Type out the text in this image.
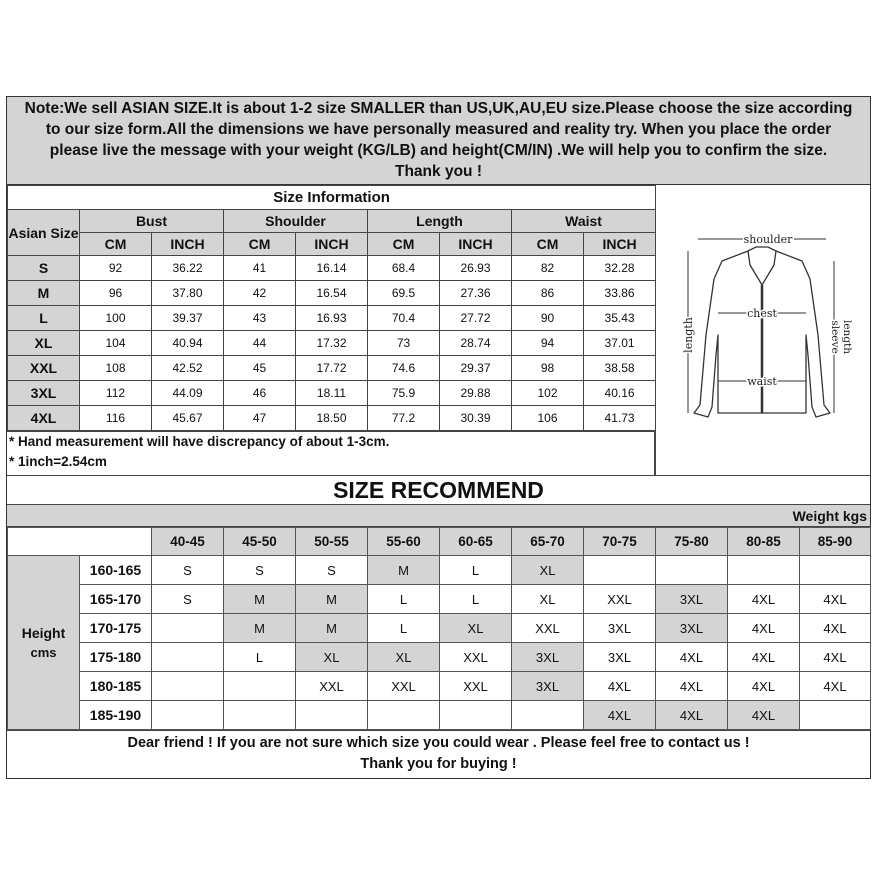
Note:We sell ASIAN SIZE.It is about 1-2 size SMALLER than US,UK,AU,EU size.Please choose the size according
to our size form.All the dimensions we have personally measured and reality try. When you place the order
please live the message with your weight (KG/LB) and height(CM/IN) .We will help you to confirm the size.
Thank you !
Size Information								
Asian Size	Bust		Shoulder		Length		Waist	
	CM	INCH	CM	INCH	CM	INCH	CM	INCH
S	92	36.22	41	16.14	68.4	26.93	82	32.28
M	96	37.80	42	16.54	69.5	27.36	86	33.86
L	100	39.37	43	16.93	70.4	27.72	90	35.43
XL	104	40.94	44	17.32	73	28.74	94	37.01
XXL	108	42.52	45	17.72	74.6	29.37	98	38.58
3XL	112	44.09	46	18.11	75.9	29.88	102	40.16
4XL	116	45.67	47	18.50	77.2	30.39	106	41.73
* Hand measurement will have discrepancy of about 1-3cm.
* 1inch=2.54cm
shoulder
chest
waist
length	sleeve length
SIZE RECOMMEND
Weight kgs
		40-45	45-50	50-55	55-60	60-65	65-70	70-75	75-80	80-85	85-90

Height
cms	160-165	S	S	S	M	L	XL				
	165-170	S	M	M	L	L	XL	XXL	3XL	4XL	4XL
	170-175		M	M	L	XL	XXL	3XL	3XL	4XL	4XL
	175-180		L	XL	XL	XXL	3XL	3XL	4XL	4XL	4XL
	180-185			XXL	XXL	XXL	3XL	4XL	4XL	4XL	4XL
	185-190							4XL	4XL	4XL	
Dear friend ! If you are not sure which size you could wear . Please feel free to contact us !
Thank you for buying !
